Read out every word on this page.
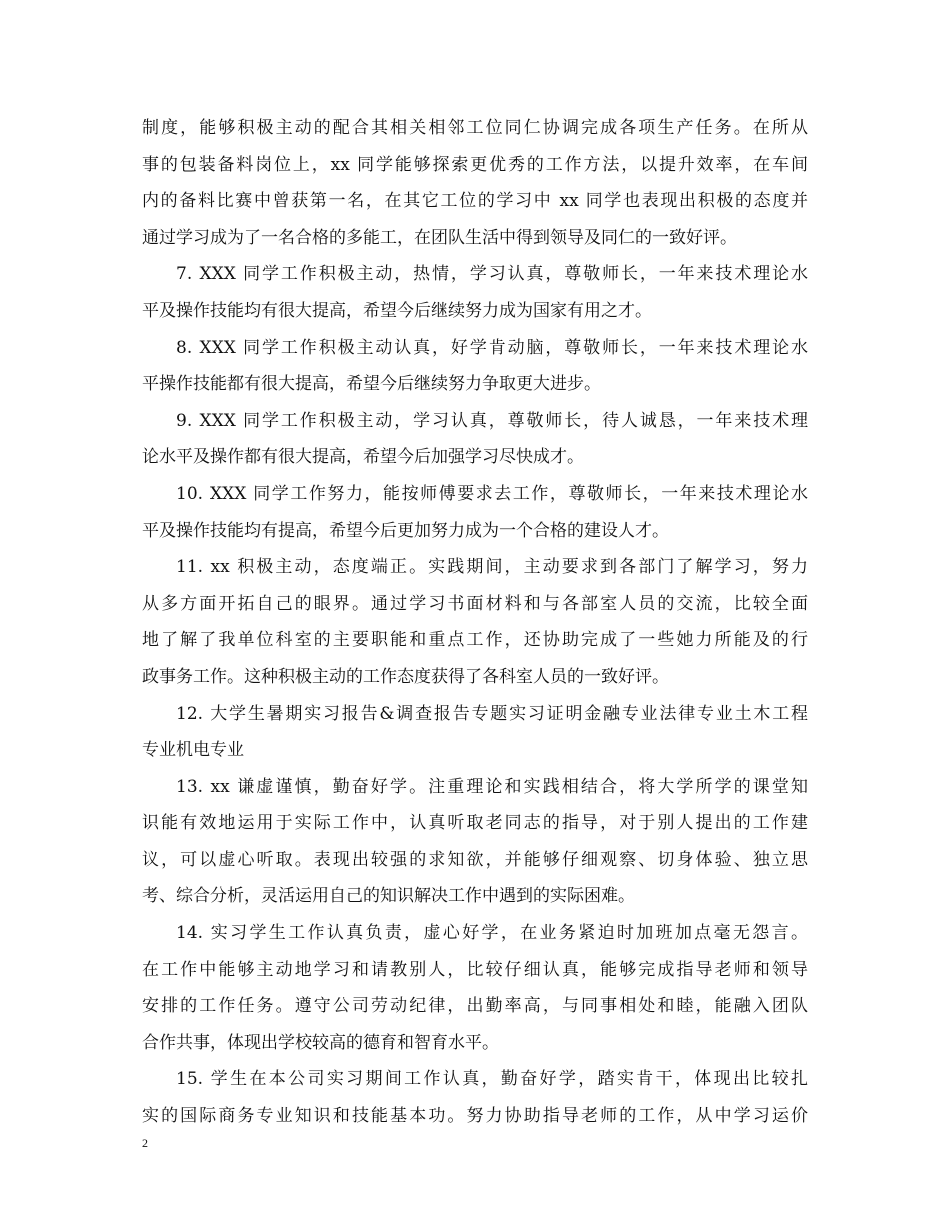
制度，能够积极主动的配合其相关相邻工位同仁协调完成各项生产任务。在所从
事的包装备料岗位上，xx 同学能够探索更优秀的工作方法，以提升效率，在车间
内的备料比赛中曾获第一名，在其它工位的学习中 xx 同学也表现出积极的态度并
通过学习成为了一名合格的多能工，在团队生活中得到领导及同仁的一致好评。
7. XXX 同学工作积极主动，热情，学习认真，尊敬师长，一年来技术理论水
平及操作技能均有很大提高，希望今后继续努力成为国家有用之才。
8. XXX 同学工作积极主动认真，好学肯动脑，尊敬师长，一年来技术理论水
平操作技能都有很大提高，希望今后继续努力争取更大进步。
9. XXX 同学工作积极主动，学习认真，尊敬师长，待人诚恳，一年来技术理
论水平及操作都有很大提高，希望今后加强学习尽快成才。
10. XXX 同学工作努力，能按师傅要求去工作，尊敬师长，一年来技术理论水
平及操作技能均有提高，希望今后更加努力成为一个合格的建设人才。
11. xx 积极主动，态度端正。实践期间，主动要求到各部门了解学习，努力
从多方面开拓自己的眼界。通过学习书面材料和与各部室人员的交流，比较全面
地了解了我单位科室的主要职能和重点工作，还协助完成了一些她力所能及的行
政事务工作。这种积极主动的工作态度获得了各科室人员的一致好评。
12. 大学生暑期实习报告&调查报告专题实习证明金融专业法律专业土木工程
专业机电专业
13. xx 谦虚谨慎，勤奋好学。注重理论和实践相结合，将大学所学的课堂知
识能有效地运用于实际工作中，认真听取老同志的指导，对于别人提出的工作建
议，可以虚心听取。表现出较强的求知欲，并能够仔细观察、切身体验、独立思
考、综合分析，灵活运用自己的知识解决工作中遇到的实际困难。
14. 实习学生工作认真负责，虚心好学，在业务紧迫时加班加点毫无怨言。
在工作中能够主动地学习和请教别人，比较仔细认真，能够完成指导老师和领导
安排的工作任务。遵守公司劳动纪律，出勤率高，与同事相处和睦，能融入团队
合作共事，体现出学校较高的德育和智育水平。
15. 学生在本公司实习期间工作认真，勤奋好学，踏实肯干，体现出比较扎
实的国际商务专业知识和技能基本功。努力协助指导老师的工作，从中学习运价
2
